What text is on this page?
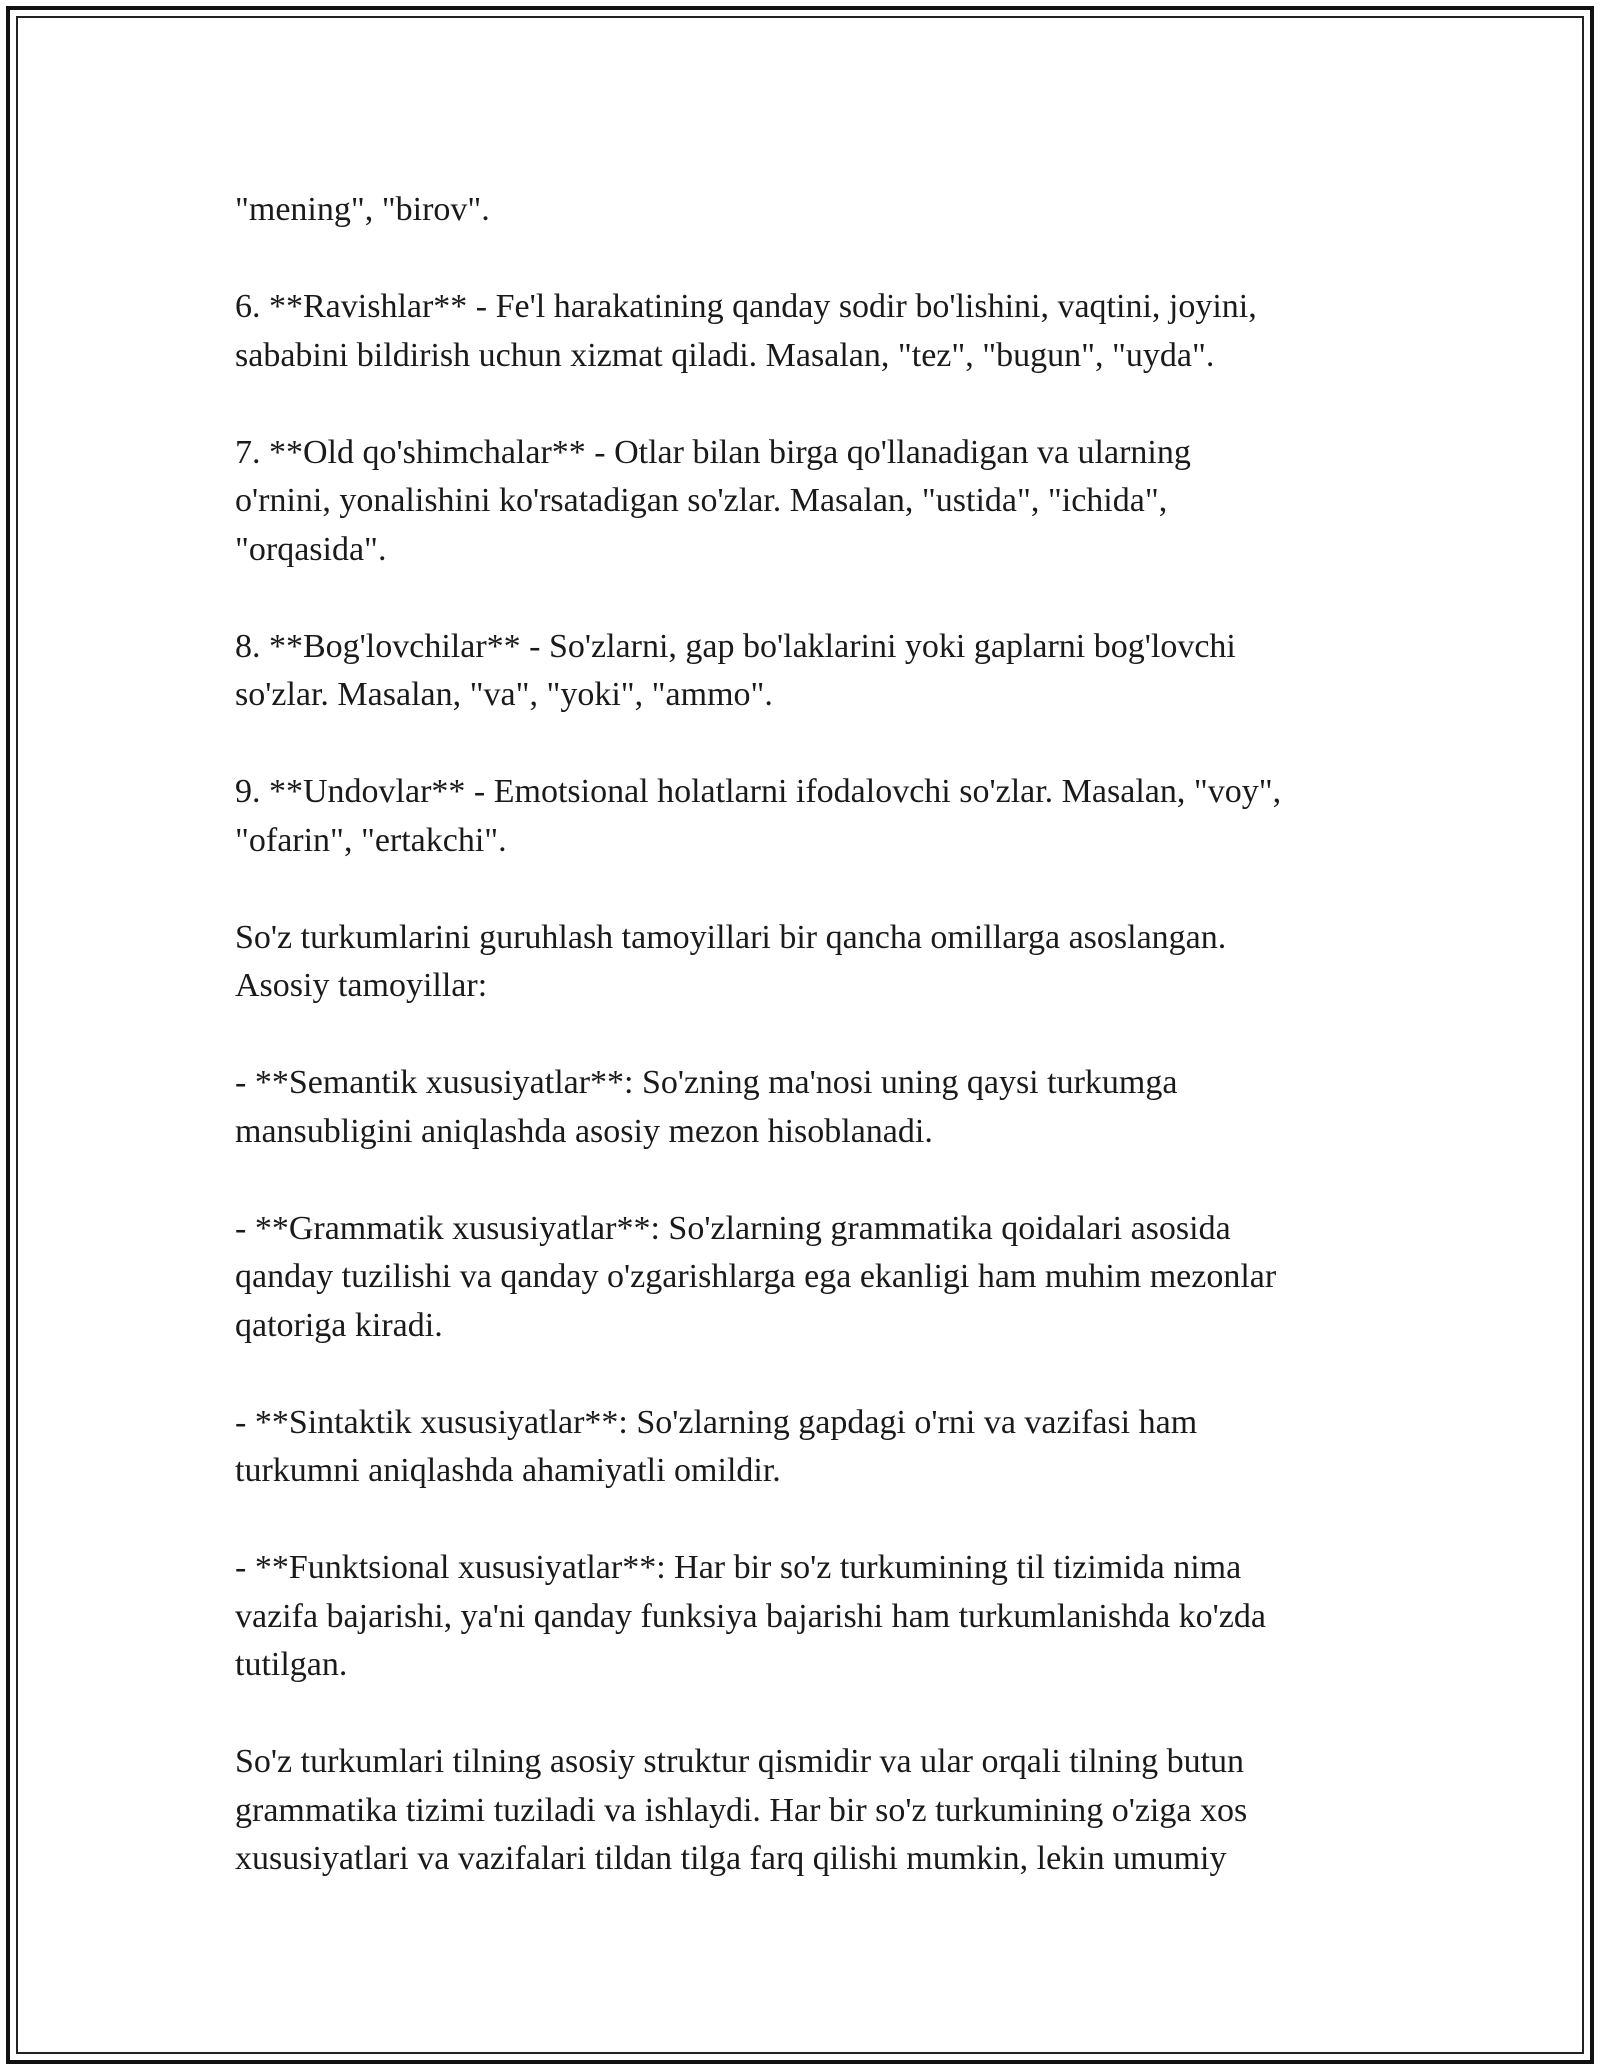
"mening", "birov".

6. **Ravishlar** - Fe'l harakatining qanday sodir bo'lishini, vaqtini, joyini,
sababini bildirish uchun xizmat qiladi. Masalan, "tez", "bugun", "uyda".

7. **Old qo'shimchalar** - Otlar bilan birga qo'llanadigan va ularning
o'rnini, yonalishini ko'rsatadigan so'zlar. Masalan, "ustida", "ichida",
"orqasida".

8. **Bog'lovchilar** - So'zlarni, gap bo'laklarini yoki gaplarni bog'lovchi
so'zlar. Masalan, "va", "yoki", "ammo".

9. **Undovlar** - Emotsional holatlarni ifodalovchi so'zlar. Masalan, "voy",
"ofarin", "ertakchi".

So'z turkumlarini guruhlash tamoyillari bir qancha omillarga asoslangan.
Asosiy tamoyillar:

- **Semantik xususiyatlar**: So'zning ma'nosi uning qaysi turkumga
mansubligini aniqlashda asosiy mezon hisoblanadi.

- **Grammatik xususiyatlar**: So'zlarning grammatika qoidalari asosida
qanday tuzilishi va qanday o'zgarishlarga ega ekanligi ham muhim mezonlar
qatoriga kiradi.

- **Sintaktik xususiyatlar**: So'zlarning gapdagi o'rni va vazifasi ham
turkumni aniqlashda ahamiyatli omildir.

- **Funktsional xususiyatlar**: Har bir so'z turkumining til tizimida nima
vazifa bajarishi, ya'ni qanday funksiya bajarishi ham turkumlanishda ko'zda
tutilgan.

So'z turkumlari tilning asosiy struktur qismidir va ular orqali tilning butun
grammatika tizimi tuziladi va ishlaydi. Har bir so'z turkumining o'ziga xos
xususiyatlari va vazifalari tildan tilga farq qilishi mumkin, lekin umumiy
